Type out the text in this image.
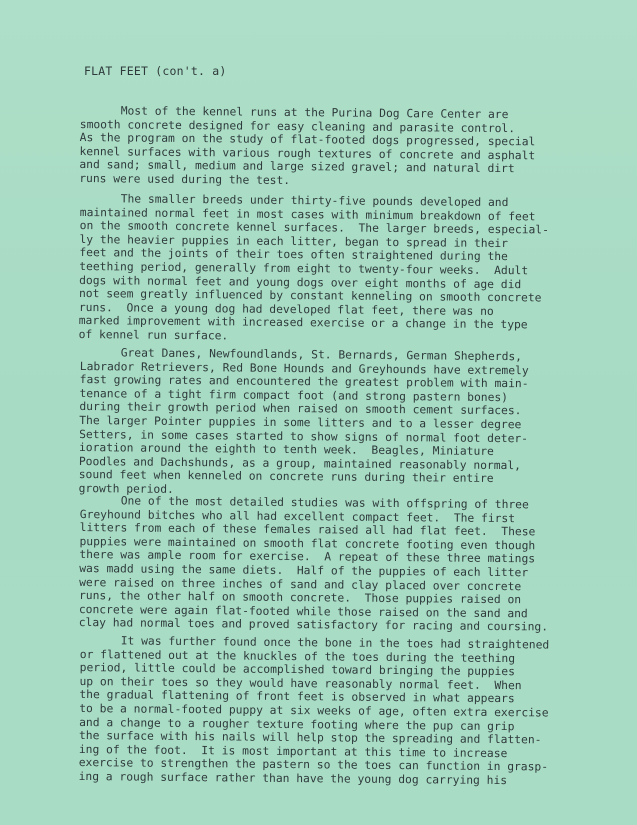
FLAT FEET (con't. a)

Most of the kennel runs at the Purina Dog Care Center are
smooth concrete designed for easy cleaning and parasite control.
As the program on the study of flat-footed dogs progressed, special
kennel surfaces with various rough textures of concrete and asphalt
and sand; small, medium and large sized gravel; and natural dirt
runs were used during the test.

The smaller breeds under thirty-five pounds developed and
maintained normal feet in most cases with minimum breakdown of feet
on the smooth concrete kennel surfaces.  The larger breeds, especial-
ly the heavier puppies in each litter, began to spread in their
feet and the joints of their toes often straightened during the
teething period, generally from eight to twenty-four weeks.  Adult
dogs with normal feet and young dogs over eight months of age did
not seem greatly influenced by constant kenneling on smooth concrete
runs.  Once a young dog had developed flat feet, there was no
marked improvement with increased exercise or a change in the type
of kennel run surface.

Great Danes, Newfoundlands, St. Bernards, German Shepherds,
Labrador Retrievers, Red Bone Hounds and Greyhounds have extremely
fast growing rates and encountered the greatest problem with main-
tenance of a tight firm compact foot (and strong pastern bones)
during their growth period when raised on smooth cement surfaces.
The larger Pointer puppies in some litters and to a lesser degree
Setters, in some cases started to show signs of normal foot deter-
ioration around the eighth to tenth week.  Beagles, Miniature
Poodles and Dachshunds, as a group, maintained reasonably normal,
sound feet when kenneled on concrete runs during their entire
growth period.

One of the most detailed studies was with offspring of three
Greyhound bitches who all had excellent compact feet.  The first
litters from each of these females raised all had flat feet.  These
puppies were maintained on smooth flat concrete footing even though
there was ample room for exercise.  A repeat of these three matings
was madd using the same diets.  Half of the puppies of each litter
were raised on three inches of sand and clay placed over concrete
runs, the other half on smooth concrete.  Those puppies raised on
concrete were again flat-footed while those raised on the sand and
clay had normal toes and proved satisfactory for racing and coursing.

It was further found once the bone in the toes had straightened
or flattened out at the knuckles of the toes during the teething
period, little could be accomplished toward bringing the puppies
up on their toes so they would have reasonably normal feet.  When
the gradual flattening of front feet is observed in what appears
to be a normal-footed puppy at six weeks of age, often extra exercise
and a change to a rougher texture footing where the pup can grip
the surface with his nails will help stop the spreading and flatten-
ing of the foot.  It is most important at this time to increase
exercise to strengthen the pastern so the toes can function in grasp-
ing a rough surface rather than have the young dog carrying his
